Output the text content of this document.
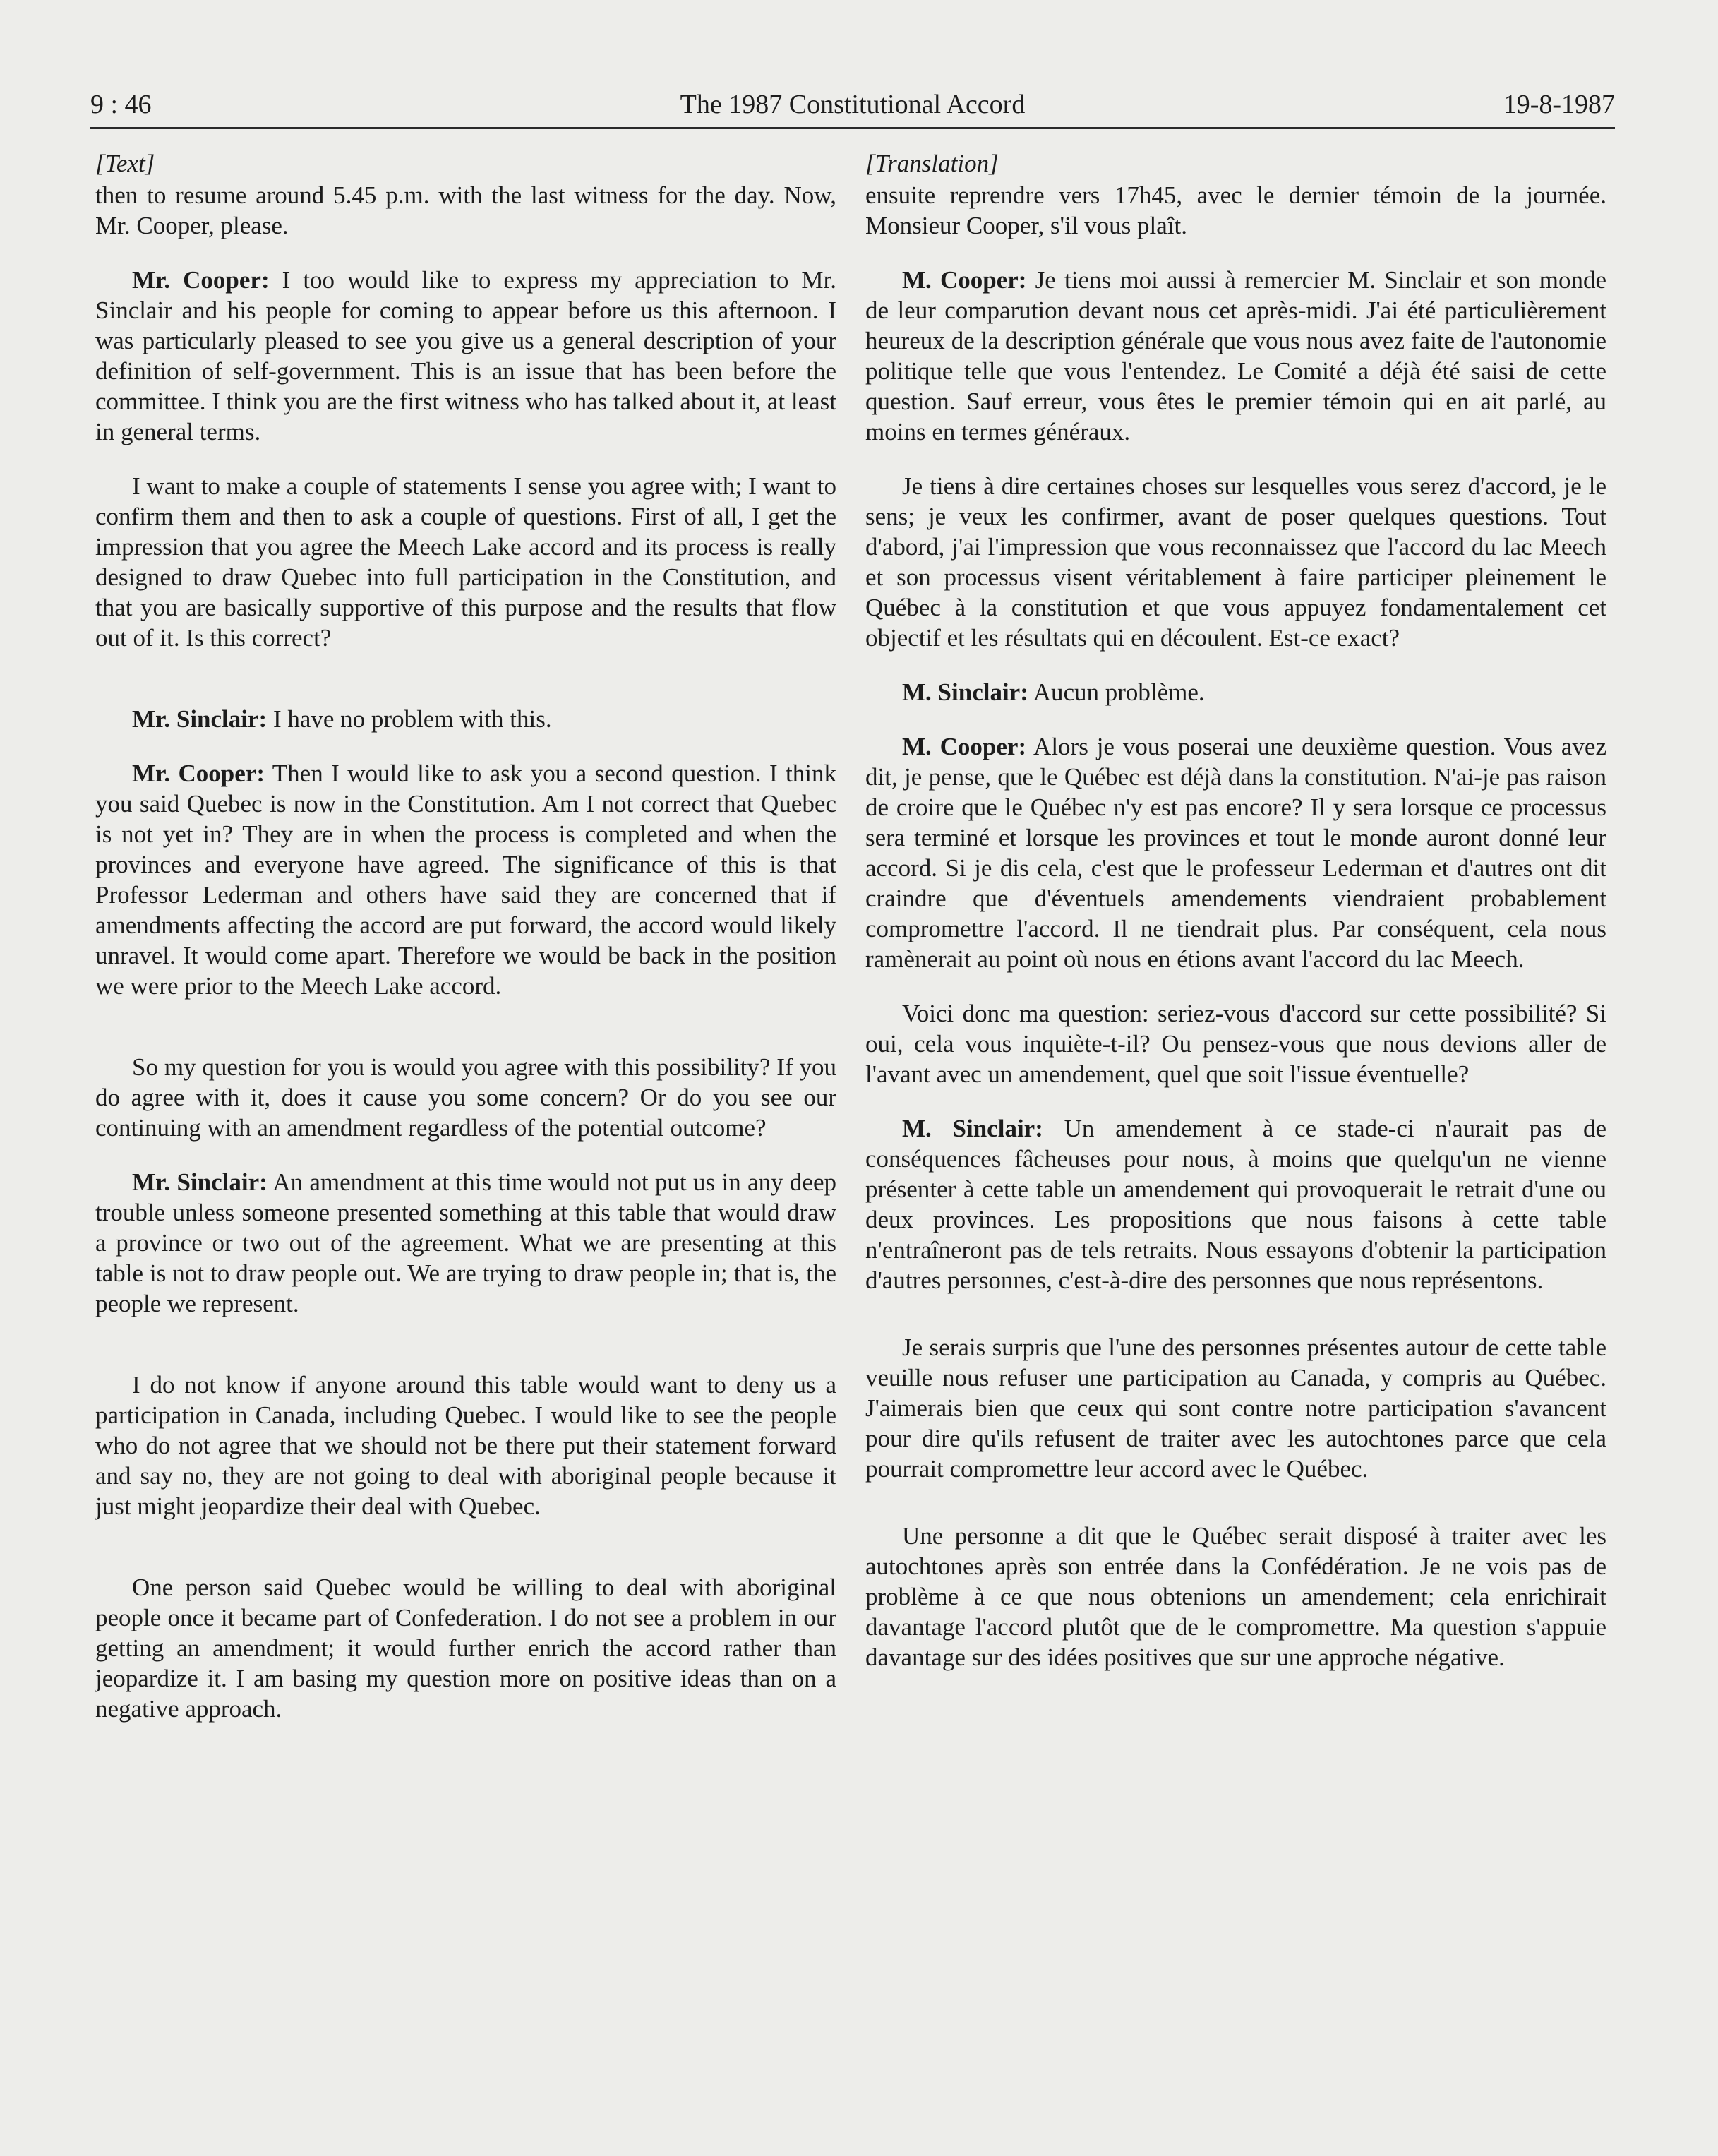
9 : 46	The 1987 Constitutional Accord	19-8-1987

[Text]

then to resume around 5.45 p.m. with the last witness for the day. Now, Mr. Cooper, please.

Mr. Cooper: I too would like to express my appreciation to Mr. Sinclair and his people for coming to appear before us this afternoon. I was particularly pleased to see you give us a general description of your definition of self-government. This is an issue that has been before the committee. I think you are the first witness who has talked about it, at least in general terms.

I want to make a couple of statements I sense you agree with; I want to confirm them and then to ask a couple of questions. First of all, I get the impression that you agree the Meech Lake accord and its process is really designed to draw Quebec into full participation in the Constitution, and that you are basically supportive of this purpose and the results that flow out of it. Is this correct?

Mr. Sinclair: I have no problem with this.

Mr. Cooper: Then I would like to ask you a second question. I think you said Quebec is now in the Constitution. Am I not correct that Quebec is not yet in? They are in when the process is completed and when the provinces and everyone have agreed. The significance of this is that Professor Lederman and others have said they are concerned that if amendments affecting the accord are put forward, the accord would likely unravel. It would come apart. Therefore we would be back in the position we were prior to the Meech Lake accord.

So my question for you is would you agree with this possibility? If you do agree with it, does it cause you some concern? Or do you see our continuing with an amendment regardless of the potential outcome?

Mr. Sinclair: An amendment at this time would not put us in any deep trouble unless someone presented something at this table that would draw a province or two out of the agreement. What we are presenting at this table is not to draw people out. We are trying to draw people in; that is, the people we represent.

I do not know if anyone around this table would want to deny us a participation in Canada, including Quebec. I would like to see the people who do not agree that we should not be there put their statement forward and say no, they are not going to deal with aboriginal people because it just might jeopardize their deal with Quebec.

One person said Quebec would be willing to deal with aboriginal people once it became part of Confederation. I do not see a problem in our getting an amendment; it would further enrich the accord rather than jeopardize it. I am basing my question more on positive ideas than on a negative approach.

[Translation]

ensuite reprendre vers 17h45, avec le dernier témoin de la journée. Monsieur Cooper, s'il vous plaît.

M. Cooper: Je tiens moi aussi à remercier M. Sinclair et son monde de leur comparution devant nous cet après-midi. J'ai été particulièrement heureux de la description générale que vous nous avez faite de l'autonomie politique telle que vous l'entendez. Le Comité a déjà été saisi de cette question. Sauf erreur, vous êtes le premier témoin qui en ait parlé, au moins en termes généraux.

Je tiens à dire certaines choses sur lesquelles vous serez d'accord, je le sens; je veux les confirmer, avant de poser quelques questions. Tout d'abord, j'ai l'impression que vous reconnaissez que l'accord du lac Meech et son processus visent véritablement à faire participer pleinement le Québec à la constitution et que vous appuyez fondamentalement cet objectif et les résultats qui en découlent. Est-ce exact?

M. Sinclair: Aucun problème.

M. Cooper: Alors je vous poserai une deuxième question. Vous avez dit, je pense, que le Québec est déjà dans la constitution. N'ai-je pas raison de croire que le Québec n'y est pas encore? Il y sera lorsque ce processus sera terminé et lorsque les provinces et tout le monde auront donné leur accord. Si je dis cela, c'est que le professeur Lederman et d'autres ont dit craindre que d'éventuels amendements viendraient probablement compromettre l'accord. Il ne tiendrait plus. Par conséquent, cela nous ramènerait au point où nous en étions avant l'accord du lac Meech.

Voici donc ma question: seriez-vous d'accord sur cette possibilité? Si oui, cela vous inquiète-t-il? Ou pensez-vous que nous devions aller de l'avant avec un amendement, quel que soit l'issue éventuelle?

M. Sinclair: Un amendement à ce stade-ci n'aurait pas de conséquences fâcheuses pour nous, à moins que quelqu'un ne vienne présenter à cette table un amendement qui provoquerait le retrait d'une ou deux provinces. Les propositions que nous faisons à cette table n'entraîneront pas de tels retraits. Nous essayons d'obtenir la participation d'autres personnes, c'est-à-dire des personnes que nous représentons.

Je serais surpris que l'une des personnes présentes autour de cette table veuille nous refuser une participation au Canada, y compris au Québec. J'aimerais bien que ceux qui sont contre notre participation s'avancent pour dire qu'ils refusent de traiter avec les autochtones parce que cela pourrait compromettre leur accord avec le Québec.

Une personne a dit que le Québec serait disposé à traiter avec les autochtones après son entrée dans la Confédération. Je ne vois pas de problème à ce que nous obtenions un amendement; cela enrichirait davantage l'accord plutôt que de le compromettre. Ma question s'appuie davantage sur des idées positives que sur une approche négative.
